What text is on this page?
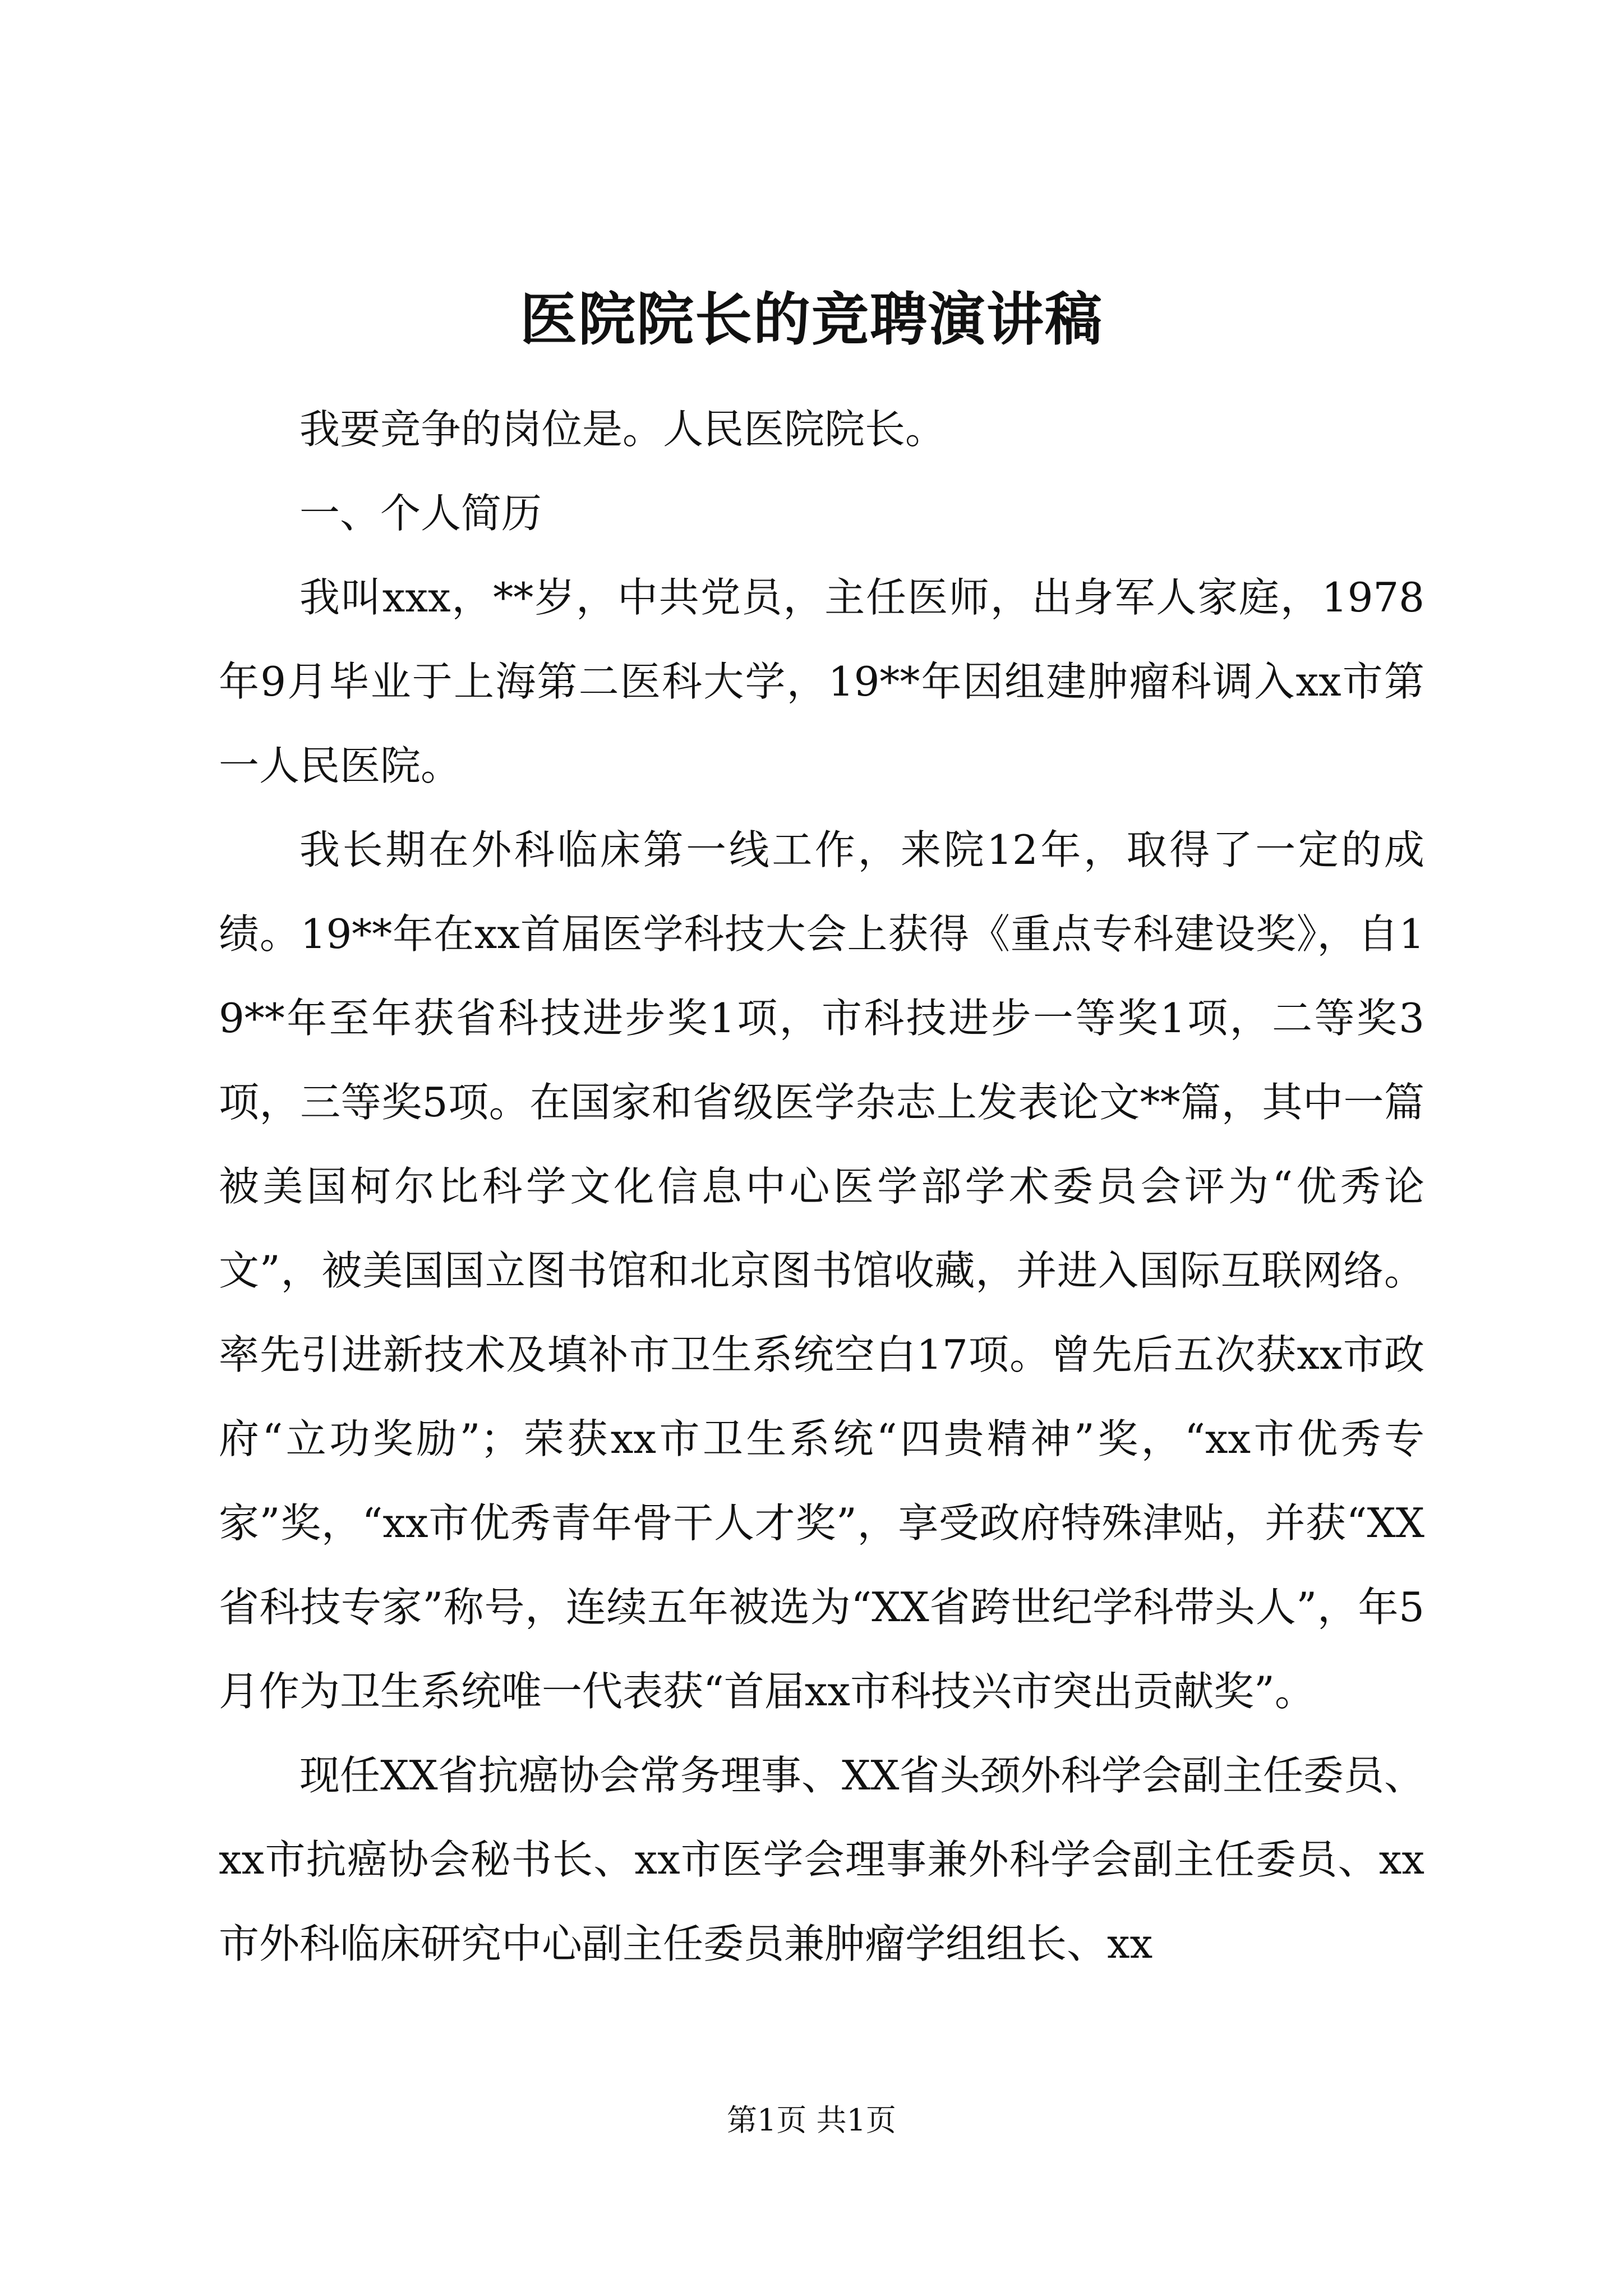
医院院长的竞聘演讲稿

我要竞争的岗位是。人民医院院长。

一、个人简历

我叫xxx，**岁，中共党员，主任医师，出身军人家庭，1978年9月毕业于上海第二医科大学，19**年因组建肿瘤科调入xx市第一人民医院。

我长期在外科临床第一线工作，来院12年，取得了一定的成绩。19**年在xx首届医学科技大会上获得《重点专科建设奖》，自19**年至年获省科技进步奖1项，市科技进步一等奖1项，二等奖3项，三等奖5项。在国家和省级医学杂志上发表论文**篇，其中一篇被美国柯尔比科学文化信息中心医学部学术委员会评为“优秀论文”，被美国国立图书馆和北京图书馆收藏，并进入国际互联网络。率先引进新技术及填补市卫生系统空白17项。曾先后五次获xx市政府“立功奖励”；荣获xx市卫生系统“四贵精神”奖，“xx市优秀专家”奖，“xx市优秀青年骨干人才奖”，享受政府特殊津贴，并获“XX省科技专家”称号，连续五年被选为“XX省跨世纪学科带头人”，年5月作为卫生系统唯一代表获“首届xx市科技兴市突出贡献奖”。

现任XX省抗癌协会常务理事、XX省头颈外科学会副主任委员、xx市抗癌协会秘书长、xx市医学会理事兼外科学会副主任委员、xx市外科临床研究中心副主任委员兼肿瘤学组组长、xx

第1页 共1页
